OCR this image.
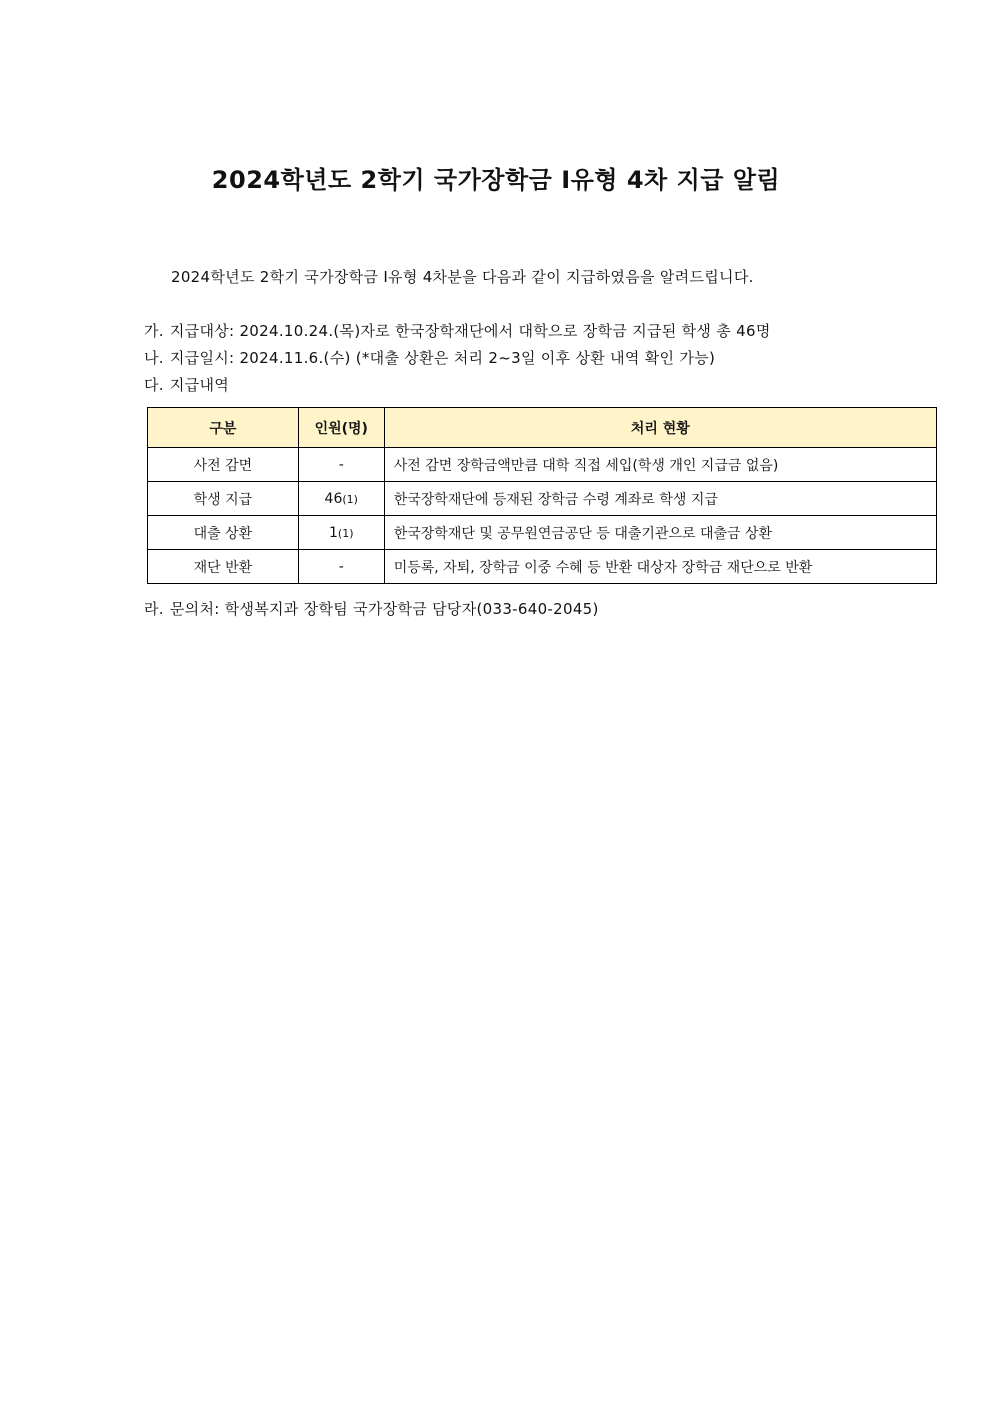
2024학년도 2학기 국가장학금 I유형 4차 지급 알림
2024학년도 2학기 국가장학금 I유형 4차분을 다음과 같이 지급하였음을 알려드립니다.
가. 지급대상: 2024.10.24.(목)자로 한국장학재단에서 대학으로 장학금 지급된 학생 총 46명
나. 지급일시: 2024.11.6.(수) (*대출 상환은 처리 2~3일 이후 상환 내역 확인 가능)
다. 지급내역
구분	인원(명)	처리 현황
사전 감면	-	사전 감면 장학금액만큼 대학 직접 세입(학생 개인 지급금 없음)
학생 지급	46(1)	한국장학재단에 등재된 장학금 수령 계좌로 학생 지급
대출 상환	1(1)	한국장학재단 및 공무원연금공단 등 대출기관으로 대출금 상환
재단 반환	-	미등록, 자퇴, 장학금 이중 수혜 등 반환 대상자 장학금 재단으로 반환
라. 문의처: 학생복지과 장학팀 국가장학금 담당자(033-640-2045)
